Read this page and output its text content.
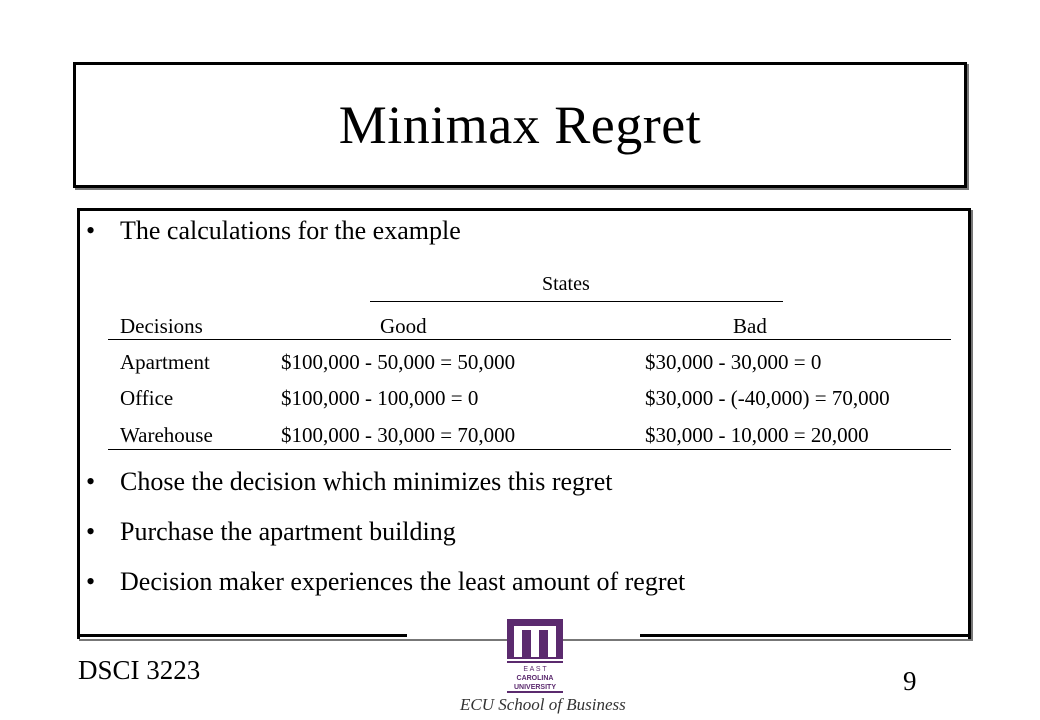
Minimax Regret
• The calculations for the example
States
Decisions	Good	Bad
Apartment	$100,000 - 50,000 = 50,000	$30,000 - 30,000 = 0
Office	$100,000 - 100,000 = 0	$30,000 - (-40,000) = 70,000
Warehouse	$100,000 - 30,000 = 70,000	$30,000 - 10,000 = 20,000
• Chose the decision which minimizes this regret
• Purchase the apartment building
• Decision maker experiences the least amount of regret
DSCI 3223	9
E A S T
CAROLINA
UNIVERSITY
ECU School of Business
